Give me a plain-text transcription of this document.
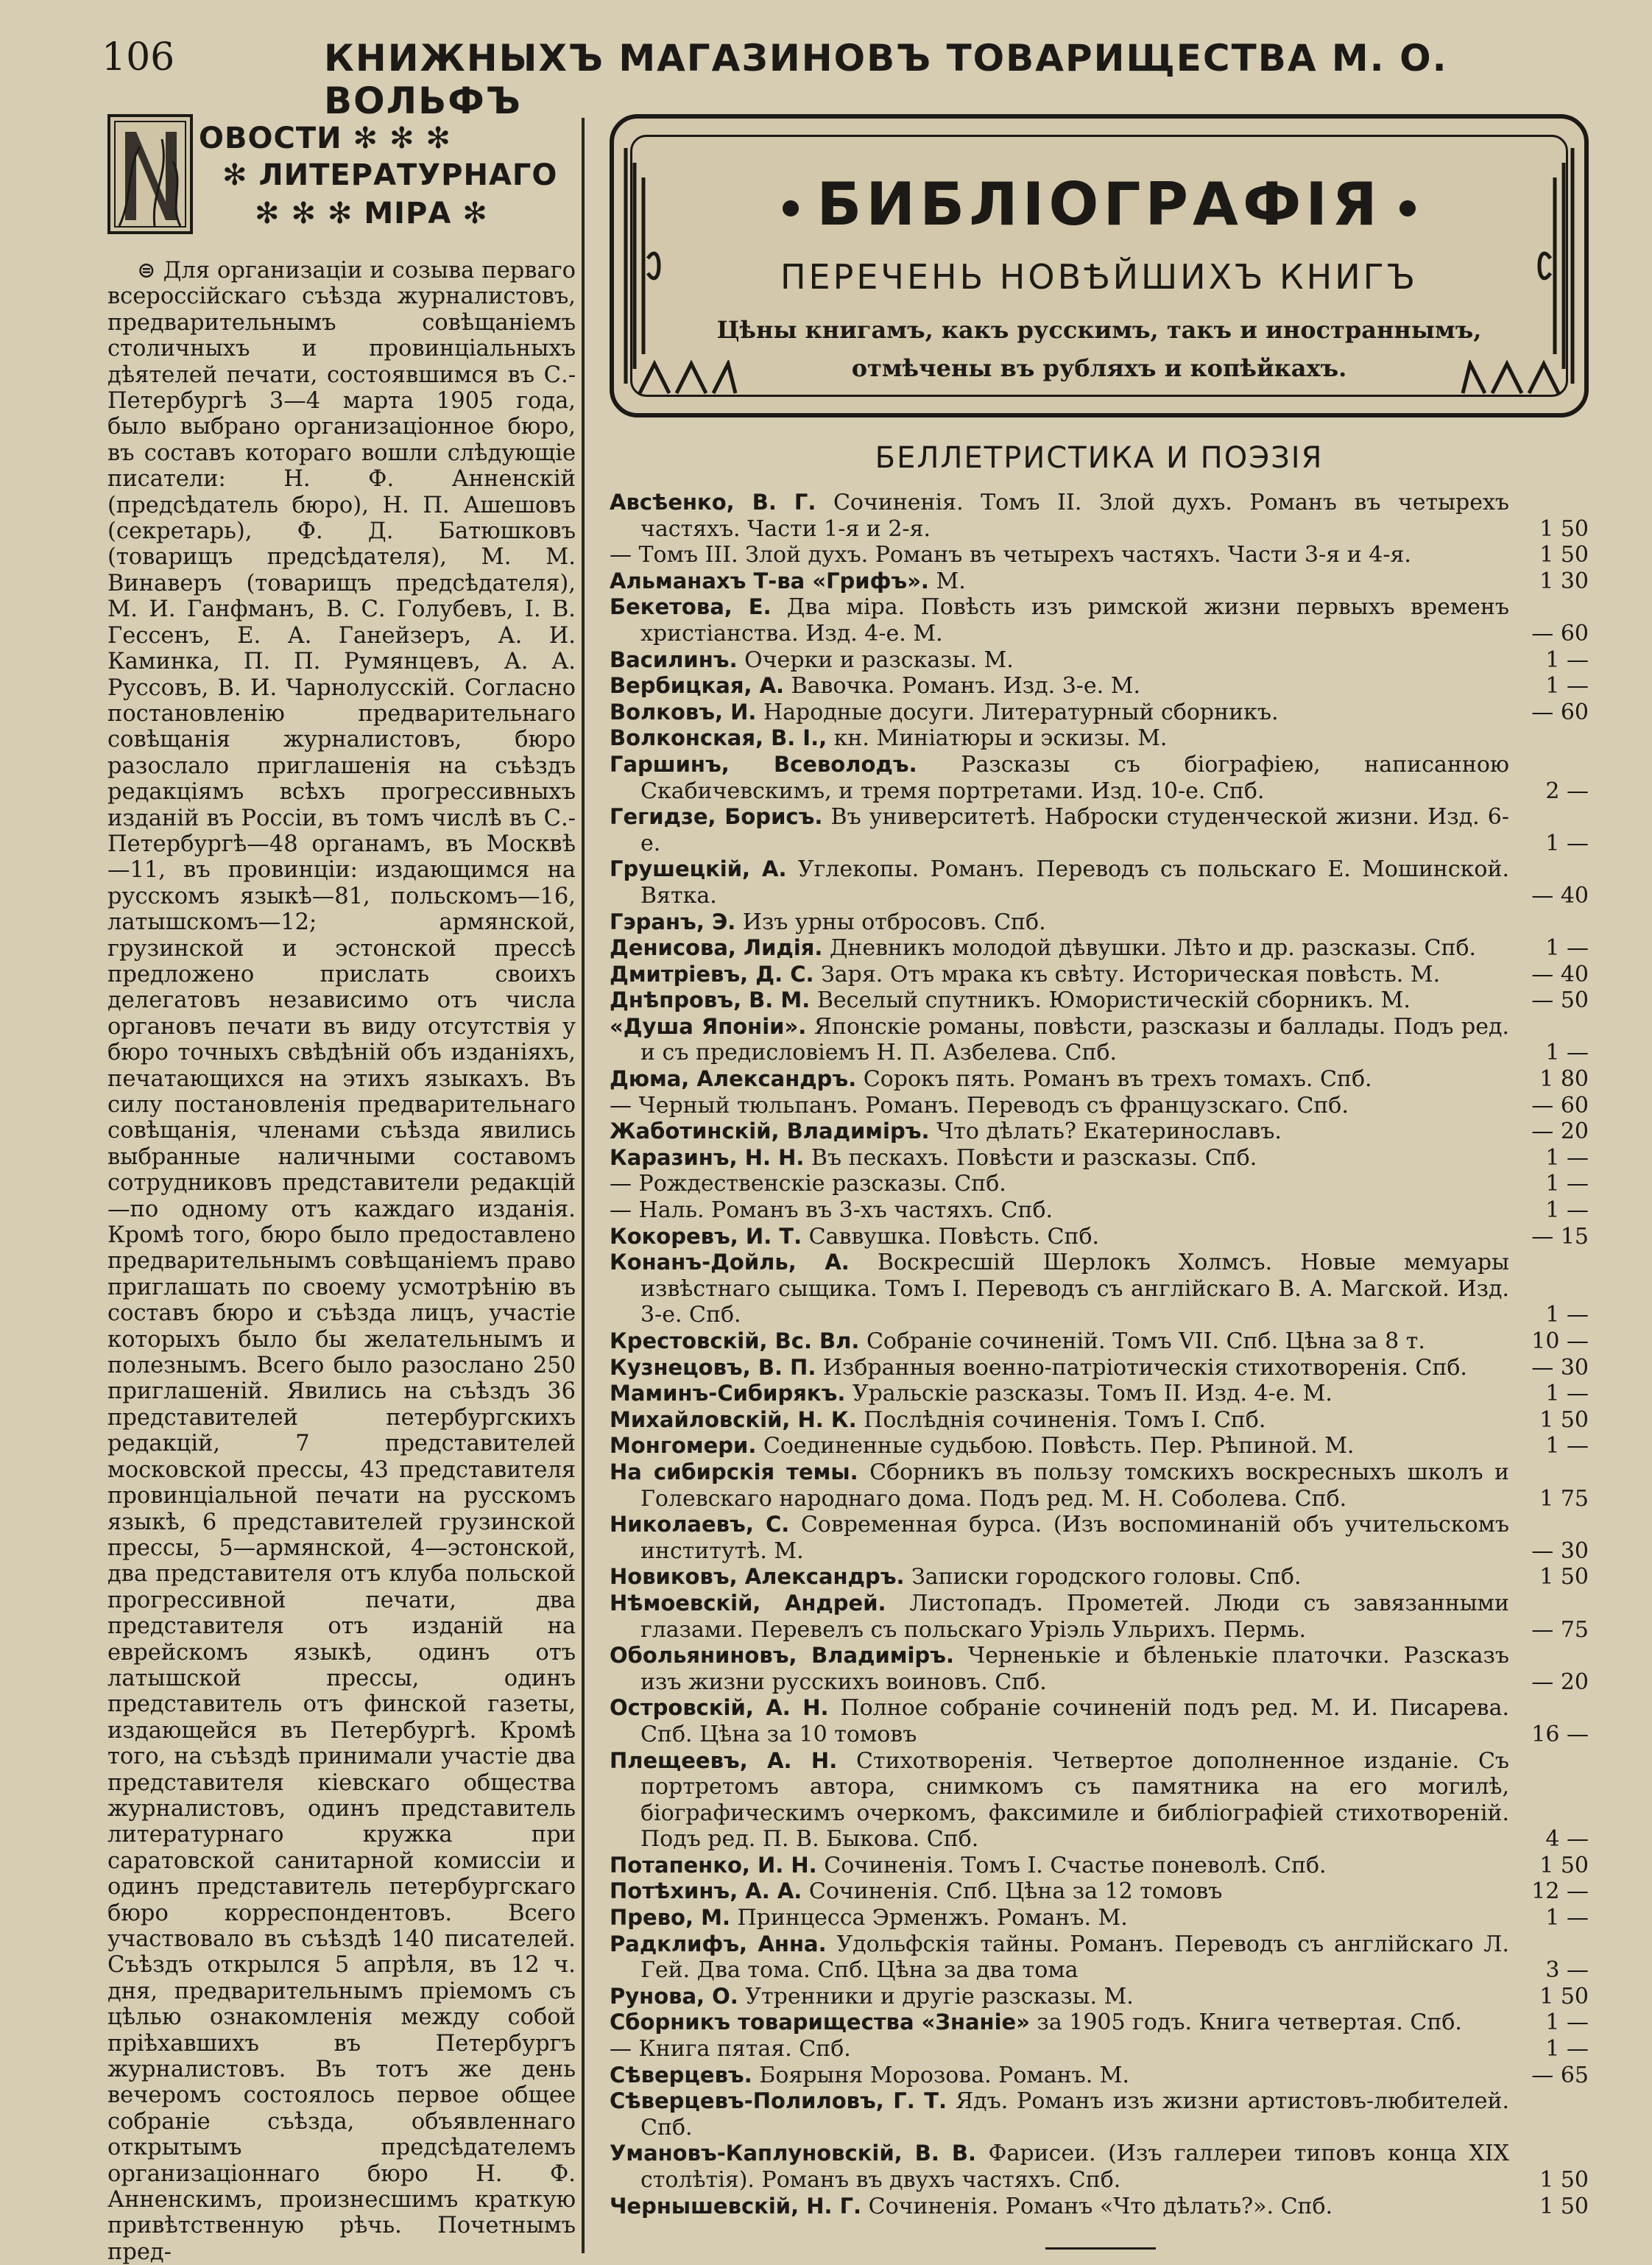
106	КНИЖНЫХЪ МАГАЗИНОВЪ ТОВАРИЩЕСТВА М. О. ВОЛЬФЪ
ОВОСТИ ✻ ✻ ✻
✻ ЛИТЕРАТУРНАГО
✻ ✻ ✻ МІРА ✻
⊜ Для организаціи и созыва перваго всероссійскаго съѣзда журналистовъ, предварительнымъ совѣщаніемъ столичныхъ и провинціальныхъ дѣятелей печати, состоявшимся въ С.-Петербургѣ 3—4 марта 1905 года, было выбрано организаціонное бюро, въ составъ котораго вошли слѣдующіе писатели: Н. Ф. Анненскій (предсѣдатель бюро), Н. П. Ашешовъ (секретарь), Ф. Д. Батюшковъ (товарищъ предсѣдателя), М. М. Винаверъ (товарищъ предсѣдателя), М. И. Ганфманъ, В. С. Голубевъ, І. В. Гессенъ, Е. А. Ганейзеръ, А. И. Каминка, П. П. Румянцевъ, А. А. Руссовъ, В. И. Чарнолусскій. Согласно постановленію предварительнаго совѣщанія журналистовъ, бюро разослало приглашенія на съѣздъ редакціямъ всѣхъ прогрессивныхъ изданій въ Россіи, въ томъ числѣ въ С.-Петербургѣ—48 органамъ, въ Москвѣ—11, въ провинціи: издающимся на русскомъ языкѣ—81, польскомъ—16, латышскомъ—12; армянской, грузинской и эстонской прессѣ предложено прислать своихъ делегатовъ независимо отъ числа органовъ печати въ виду отсутствія у бюро точныхъ свѣдѣній объ изданіяхъ, печатающихся на этихъ языкахъ. Въ силу постановленія предварительнаго совѣщанія, членами съѣзда явились выбранные наличными составомъ сотрудниковъ представители редакцій—по одному отъ каждаго изданія. Кромѣ того, бюро было предоставлено предварительнымъ совѣщаніемъ право приглашать по своему усмотрѣнію въ составъ бюро и съѣзда лицъ, участіе которыхъ было бы желательнымъ и полезнымъ. Всего было разослано 250 приглашеній. Явились на съѣздъ 36 представителей петербургскихъ редакцій, 7 представителей московской прессы, 43 представителя провинціальной печати на русскомъ языкѣ, 6 представителей грузинской прессы, 5—армянской, 4—эстонской, два представителя отъ клуба польской прогрессивной печати, два представителя отъ изданій на еврейскомъ языкѣ, одинъ отъ латышской прессы, одинъ представитель отъ финской газеты, издающейся въ Петербургѣ. Кромѣ того, на съѣздѣ принимали участіе два представителя кіевскаго общества журналистовъ, одинъ представитель литературнаго кружка при саратовской санитарной комиссіи и одинъ представитель петербургскаго бюро корреспондентовъ. Всего участвовало въ съѣздѣ 140 писателей. Съѣздъ открылся 5 апрѣля, въ 12 ч. дня, предварительнымъ пріемомъ съ цѣлью ознакомленія между собой пріѣхавшихъ въ Петербургъ журналистовъ. Въ тотъ же день вечеромъ состоялось первое общее собраніе съѣзда, объявленнаго открытымъ предсѣдателемъ организаціоннаго бюро Н. Ф. Анненскимъ, произнесшимъ краткую привѣтственную рѣчь. Почетнымъ пред-
БИБЛІОГРАФІЯ
ПЕРЕЧЕНЬ НОВѢЙШИХЪ КНИГЪ
Цѣны книгамъ, какъ русскимъ, такъ и иностраннымъ,
отмѣчены въ рубляхъ и копѣйкахъ.
БЕЛЛЕТРИСТИКА И ПОЭЗІЯ
Авсѣенко, В. Г. Сочиненія. Томъ II. Злой духъ. Романъ въ четырехъ частяхъ. Части 1-я и 2-я.	1 50
— Томъ III. Злой духъ. Романъ въ четырехъ частяхъ. Части 3-я и 4-я.	1 50
Альманахъ Т-ва «Грифъ». М.	1 30
Бекетова, Е. Два міра. Повѣсть изъ римской жизни первыхъ временъ христіанства. Изд. 4-е. М.	— 60
Василинъ. Очерки и разсказы. М.	1 —
Вербицкая, А. Вавочка. Романъ. Изд. 3-е. М.	1 —
Волковъ, И. Народные досуги. Литературный сборникъ.	— 60
Волконская, В. І., кн. Миніатюры и эскизы. М.
Гаршинъ, Всеволодъ. Разсказы съ біографіею, написанною Скабичевскимъ, и тремя портретами. Изд. 10-е. Спб.	2 —
Гегидзе, Борисъ. Въ университетѣ. Наброски студенческой жизни. Изд. 6-е.	1 —
Грушецкій, А. Углекопы. Романъ. Переводъ съ польскаго Е. Мошинской. Вятка.	— 40
Гэранъ, Э. Изъ урны отбросовъ. Спб.
Денисова, Лидія. Дневникъ молодой дѣвушки. Лѣто и др. разсказы. Спб.	1 —
Дмитріевъ, Д. С. Заря. Отъ мрака къ свѣту. Историческая повѣсть. М.	— 40
Днѣпровъ, В. М. Веселый спутникъ. Юмористическій сборникъ. М.	— 50
«Душа Японіи». Японскіе романы, повѣсти, разсказы и баллады. Подъ ред. и съ предисловіемъ Н. П. Азбелева. Спб.	1 —
Дюма, Александръ. Сорокъ пять. Романъ въ трехъ томахъ. Спб.	1 80
— Черный тюльпанъ. Романъ. Переводъ съ французскаго. Спб.	— 60
Жаботинскій, Владиміръ. Что дѣлать? Екатеринославъ.	— 20
Каразинъ, Н. Н. Въ пескахъ. Повѣсти и разсказы. Спб.	1 —
— Рождественскіе разсказы. Спб.	1 —
— Наль. Романъ въ 3-хъ частяхъ. Спб.	1 —
Кокоревъ, И. Т. Саввушка. Повѣсть. Спб.	— 15
Конанъ-Дойль, А. Воскресшій Шерлокъ Холмсъ. Новые мемуары извѣстнаго сыщика. Томъ I. Переводъ съ англійскаго В. А. Магской. Изд. 3-е. Спб.	1 —
Крестовскій, Вс. Вл. Собраніе сочиненій. Томъ VII. Спб. Цѣна за 8 т.	10 —
Кузнецовъ, В. П. Избранныя военно-патріотическія стихотворенія. Спб.	— 30
Маминъ-Сибирякъ. Уральскіе разсказы. Томъ II. Изд. 4-е. М.	1 —
Михайловскій, Н. К. Послѣднія сочиненія. Томъ I. Спб.	1 50
Монгомери. Соединенные судьбою. Повѣсть. Пер. Рѣпиной. М.	1 —
На сибирскія темы. Сборникъ въ пользу томскихъ воскресныхъ школъ и Голевскаго народнаго дома. Подъ ред. М. Н. Соболева. Спб.	1 75
Николаевъ, С. Современная бурса. (Изъ воспоминаній объ учительскомъ институтѣ. М.	— 30
Новиковъ, Александръ. Записки городского головы. Спб.	1 50
Нѣмоевскій, Андрей. Листопадъ. Прометей. Люди съ завязанными глазами. Перевелъ съ польскаго Уріэль Ульрихъ. Пермь.	— 75
Обольяниновъ, Владиміръ. Черненькіе и бѣленькіе платочки. Разсказъ изъ жизни русскихъ воиновъ. Спб.	— 20
Островскій, А. Н. Полное собраніе сочиненій подъ ред. М. И. Писарева. Спб. Цѣна за 10 томовъ	16 —
Плещеевъ, А. Н. Стихотворенія. Четвертое дополненное изданіе. Съ портретомъ автора, снимкомъ съ памятника на его могилѣ, біографическимъ очеркомъ, факсимиле и библіографіей стихотвореній. Подъ ред. П. В. Быкова. Спб.	4 —
Потапенко, И. Н. Сочиненія. Томъ I. Счастье поневолѣ. Спб.	1 50
Потѣхинъ, А. А. Сочиненія. Спб. Цѣна за 12 томовъ	12 —
Прево, М. Принцесса Эрменжъ. Романъ. М.	1 —
Радклифъ, Анна. Удольфскія тайны. Романъ. Переводъ съ англійскаго Л. Гей. Два тома. Спб. Цѣна за два тома	3 —
Рунова, О. Утренники и другіе разсказы. М.	1 50
Сборникъ товарищества «Знаніе» за 1905 годъ. Книга четвертая. Спб.	1 —
— Книга пятая. Спб.	1 —
Сѣверцевъ. Боярыня Морозова. Романъ. М.	— 65
Сѣверцевъ-Полиловъ, Г. Т. Ядъ. Романъ изъ жизни артистовъ-любителей. Спб.
Умановъ-Каплуновскій, В. В. Фарисеи. (Изъ галлереи типовъ конца XIX столѣтія). Романъ въ двухъ частяхъ. Спб.	1 50
Чернышевскій, Н. Г. Сочиненія. Романъ «Что дѣлать?». Спб.	1 50
